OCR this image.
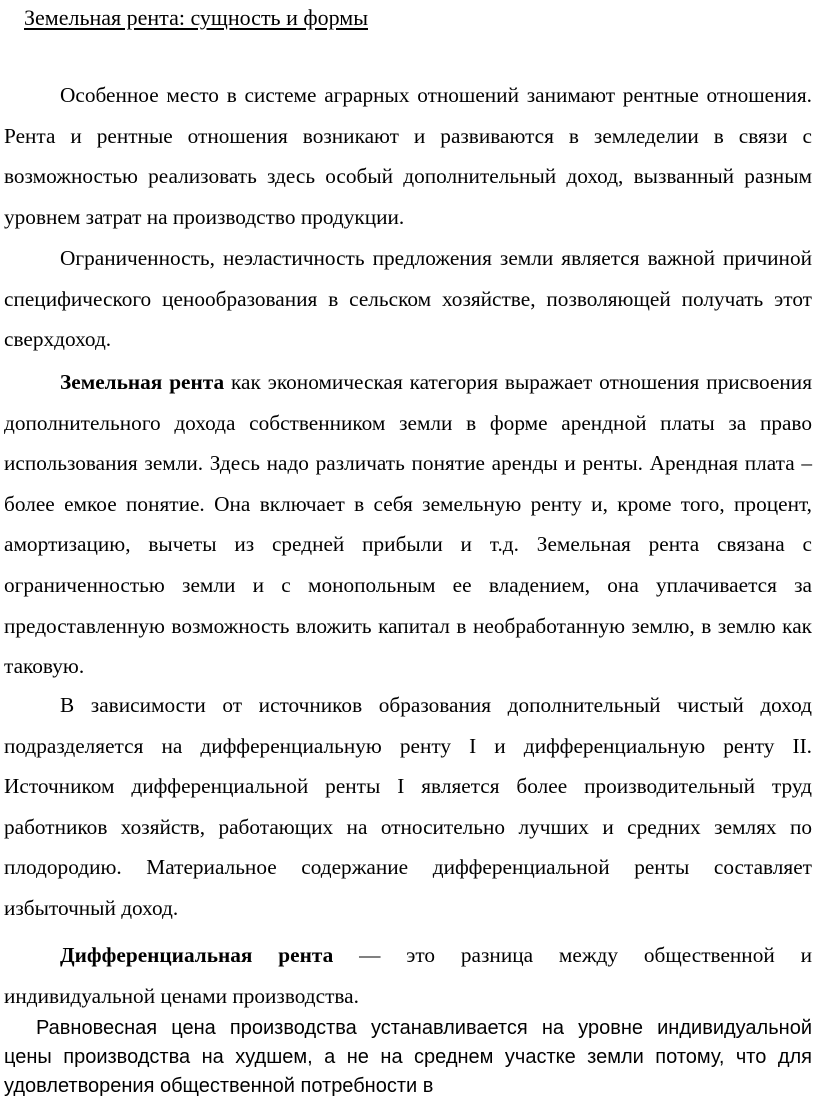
Земельная рента: сущность и формы

Особенное место в системе аграрных отношений занимают рентные отношения. Рента и рентные отношения возникают и развиваются в земледелии в связи с возможностью реализовать здесь особый дополнительный доход, вызванный разным уровнем затрат на производство продукции.

Ограниченность, неэластичность предложения земли является важной причиной специфического ценообразования в сельском хозяйстве, позволяющей получать этот сверхдоход.

Земельная рента как экономическая категория выражает отношения присвоения дополнительного дохода собственником земли в форме арендной платы за право использования земли. Здесь надо различать понятие аренды и ренты. Арендная плата – более емкое понятие. Она включает в себя земельную ренту и, кроме того, процент, амортизацию, вычеты из средней прибыли и т.д. Земельная рента связана с ограниченностью земли и с монопольным ее владением, она уплачивается за предоставленную возможность вложить капитал в необработанную землю, в землю как таковую.

В зависимости от источников образования дополнительный чистый доход подразделяется на дифференциальную ренту I и дифференциальную ренту II. Источником дифференциальной ренты I является более производительный труд работников хозяйств, работающих на относительно лучших и средних землях по плодородию. Материальное содержание дифференциальной ренты составляет избыточный доход.

Дифференциальная рента — это разница между общественной и индивидуальной ценами производства.

Равновесная цена производства устанавливается на уровне индивидуальной цены производства на худшем, а не на среднем участке земли потому, что для удовлетворения общественной потребности в
